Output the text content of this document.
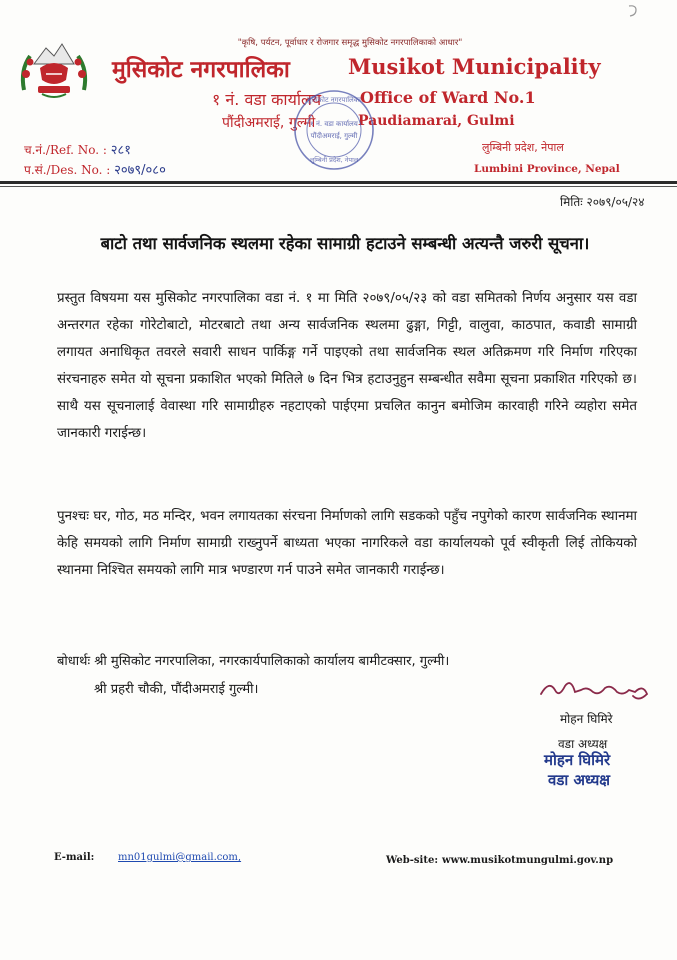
"कृषि, पर्यटन, पूर्वाधार र रोजगार समृद्ध मुसिकोट नगरपालिकाको आधार"
मुसिकोट नगरपालिका	Musikot Municipality
१ नं. वडा कार्यालय Office of Ward No.1
पौंदीअमराई, गुल्मी	Paudiamarai, Gulmi
मुसिकोट नगरपालिका
१ नं. वडा कार्यालय
पौंदीअमराई, गुल्मी
लुम्बिनी प्रदेश, नेपाल
च.नं./Ref. No. : २८१
प.सं./Des. No. : २०७९/०८०
लुम्बिनी प्रदेश, नेपाल
Lumbini Province, Nepal
मितिः २०७९/०५/२४
बाटो तथा सार्वजनिक स्थलमा रहेका सामाग्री हटाउने सम्बन्धी अत्यन्तै जरुरी सूचना।
प्रस्तुत विषयमा यस मुसिकोट नगरपालिका वडा नं. १ मा मिति २०७९/०५/२३ को वडा समितको निर्णय अनुसार यस वडा अन्तरगत रहेका गोरेटोबाटो, मोटरबाटो तथा अन्य सार्वजनिक स्थलमा ढुङ्गा, गिट्टी, वालुवा, काठपात, कवाडी सामाग्री लगायत अनाधिकृत तवरले सवारी साधन पार्किङ्ग गर्ने पाइएको तथा सार्वजनिक स्थल अतिक्रमण गरि निर्माण गरिएका संरचनाहरु समेत यो सूचना प्रकाशित भएको मितिले ७ दिन भित्र हटाउनुहुन सम्बन्धीत सवैमा सूचना प्रकाशित गरिएको छ। साथै यस सूचनालाई वेवास्था गरि सामाग्रीहरु नहटाएको पाईएमा प्रचलित कानुन बमोजिम कारवाही गरिने व्यहोरा समेत जानकारी गराईन्छ।
पुनश्चः घर, गोठ, मठ मन्दिर, भवन लगायतका संरचना निर्माणको लागि सडकको पहुँच नपुगेको कारण सार्वजनिक स्थानमा केहि समयको लागि निर्माण सामाग्री राख्नुपर्ने बाध्यता भएका नागरिकले वडा कार्यालयको पूर्व स्वीकृती लिई तोकियको स्थानमा निश्चित समयको लागि मात्र भण्डारण गर्न पाउने समेत जानकारी गराईन्छ।
बोधार्थः श्री मुसिकोट नगरपालिका, नगरकार्यपालिकाको कार्यालय बामीटक्सार, गुल्मी।
श्री प्रहरी चौकी, पौंदीअमराई गुल्मी।
मोहन घिमिरे
वडा अध्यक्ष
मोहन घिमिरे
वडा अध्यक्ष
E-mail: mn01gulmi@gmail.com,	Web-site: www.musikotmungulmi.gov.np
